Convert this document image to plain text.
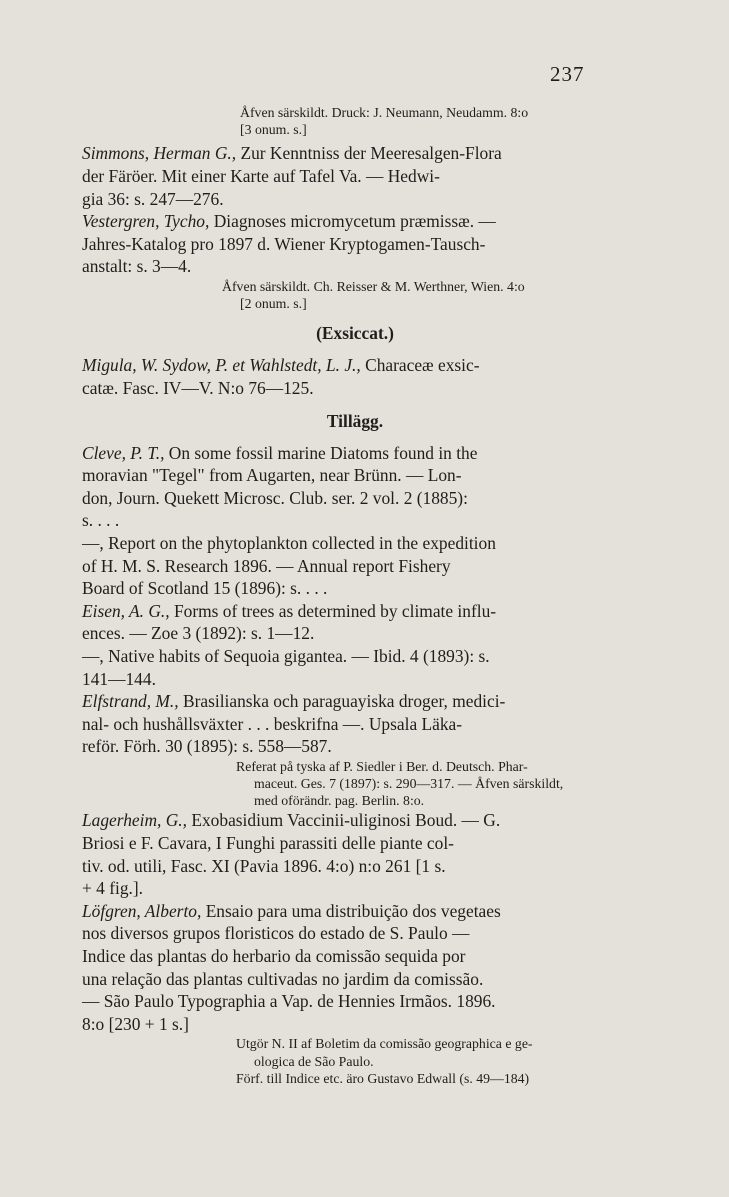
237

Åfven särskildt. Druck: J. Neumann, Neudamm. 8:o
[3 onum. s.]

Simmons, Herman G., Zur Kenntniss der Meeresalgen-Flora
der Färöer. Mit einer Karte auf Tafel Va. — Hedwi-
gia 36: s. 247—276.

Vestergren, Tycho, Diagnoses micromycetum præmissæ. —
Jahres-Katalog pro 1897 d. Wiener Kryptogamen-Tausch-
anstalt: s. 3—4.

Åfven särskildt. Ch. Reisser & M. Werthner, Wien. 4:o
[2 onum. s.]

(Exsiccat.)

Migula, W. Sydow, P. et Wahlstedt, L. J., Characeæ exsic-
catæ. Fasc. IV—V. N:o 76—125.

Tillägg.

Cleve, P. T., On some fossil marine Diatoms found in the
moravian "Tegel" from Augarten, near Brünn. — Lon-
don, Journ. Quekett Microsc. Club. ser. 2 vol. 2 (1885):
s. . . .

—, Report on the phytoplankton collected in the expedition
of H. M. S. Research 1896. — Annual report Fishery
Board of Scotland 15 (1896): s. . . .

Eisen, A. G., Forms of trees as determined by climate influ-
ences. — Zoe 3 (1892): s. 1—12.

—, Native habits of Sequoia gigantea. — Ibid. 4 (1893): s.
141—144.

Elfstrand, M., Brasilianska och paraguayiska droger, medici-
nal- och hushållsväxter . . . beskrifna —. Upsala Läka-
reför. Förh. 30 (1895): s. 558—587.

Referat på tyska af P. Siedler i Ber. d. Deutsch. Phar-
maceut. Ges. 7 (1897): s. 290—317. — Åfven särskildt,
med oförändr. pag. Berlin. 8:o.

Lagerheim, G., Exobasidium Vaccinii-uliginosi Boud. — G.
Briosi e F. Cavara, I Funghi parassiti delle piante col-
tiv. od. utili, Fasc. XI (Pavia 1896. 4:o) n:o 261 [1 s.
+ 4 fig.].

Löfgren, Alberto, Ensaio para uma distribuição dos vegetaes
nos diversos grupos floristicos do estado de S. Paulo —
Indice das plantas do herbario da comissão sequida por
una relação das plantas cultivadas no jardim da comissão.
— São Paulo Typographia a Vap. de Hennies Irmãos. 1896.
8:o [230 + 1 s.]

Utgör N. II af Boletim da comissão geographica e ge-
ologica de São Paulo.
Förf. till Indice etc. äro Gustavo Edwall (s. 49—184)
